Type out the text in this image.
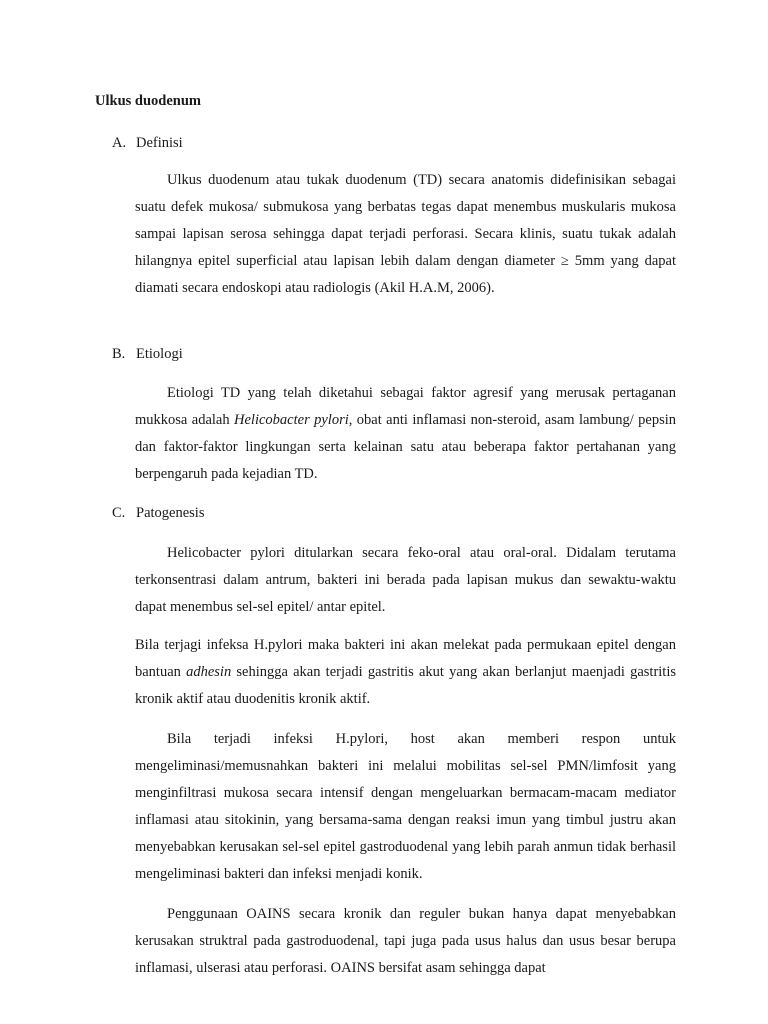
Ulkus duodenum
A. Definisi

Ulkus duodenum atau tukak duodenum (TD) secara anatomis didefinisikan sebagai suatu defek mukosa/ submukosa yang berbatas tegas dapat menembus muskularis mukosa sampai lapisan serosa sehingga dapat terjadi perforasi. Secara klinis, suatu tukak adalah hilangnya epitel superficial atau lapisan lebih dalam dengan diameter ≥ 5mm yang dapat diamati secara endoskopi atau radiologis (Akil H.A.M, 2006).

B. Etiologi

Etiologi TD yang telah diketahui sebagai faktor agresif yang merusak pertaganan mukkosa adalah Helicobacter pylori, obat anti inflamasi non-steroid, asam lambung/ pepsin dan faktor-faktor lingkungan serta kelainan satu atau beberapa faktor pertahanan yang berpengaruh pada kejadian TD.

C. Patogenesis

Helicobacter pylori ditularkan secara feko-oral atau oral-oral. Didalam terutama terkonsentrasi dalam antrum, bakteri ini berada pada lapisan mukus dan sewaktu-waktu dapat menembus sel-sel epitel/ antar epitel.

Bila terjagi infeksa H.pylori maka bakteri ini akan melekat pada permukaan epitel dengan bantuan adhesin sehingga akan terjadi gastritis akut yang akan berlanjut maenjadi gastritis kronik aktif atau duodenitis kronik aktif.

Bila terjadi infeksi H.pylori, host akan memberi respon untuk mengeliminasi/memusnahkan bakteri ini melalui mobilitas sel-sel PMN/limfosit yang menginfiltrasi mukosa secara intensif dengan mengeluarkan bermacam-macam mediator inflamasi atau sitokinin, yang bersama-sama dengan reaksi imun yang timbul justru akan menyebabkan kerusakan sel-sel epitel gastroduodenal yang lebih parah anmun tidak berhasil mengeliminasi bakteri dan infeksi menjadi konik.

Penggunaan OAINS secara kronik dan reguler bukan hanya dapat menyebabkan kerusakan struktral pada gastroduodenal, tapi juga pada usus halus dan usus besar berupa inflamasi, ulserasi atau perforasi. OAINS bersifat asam sehingga dapat
